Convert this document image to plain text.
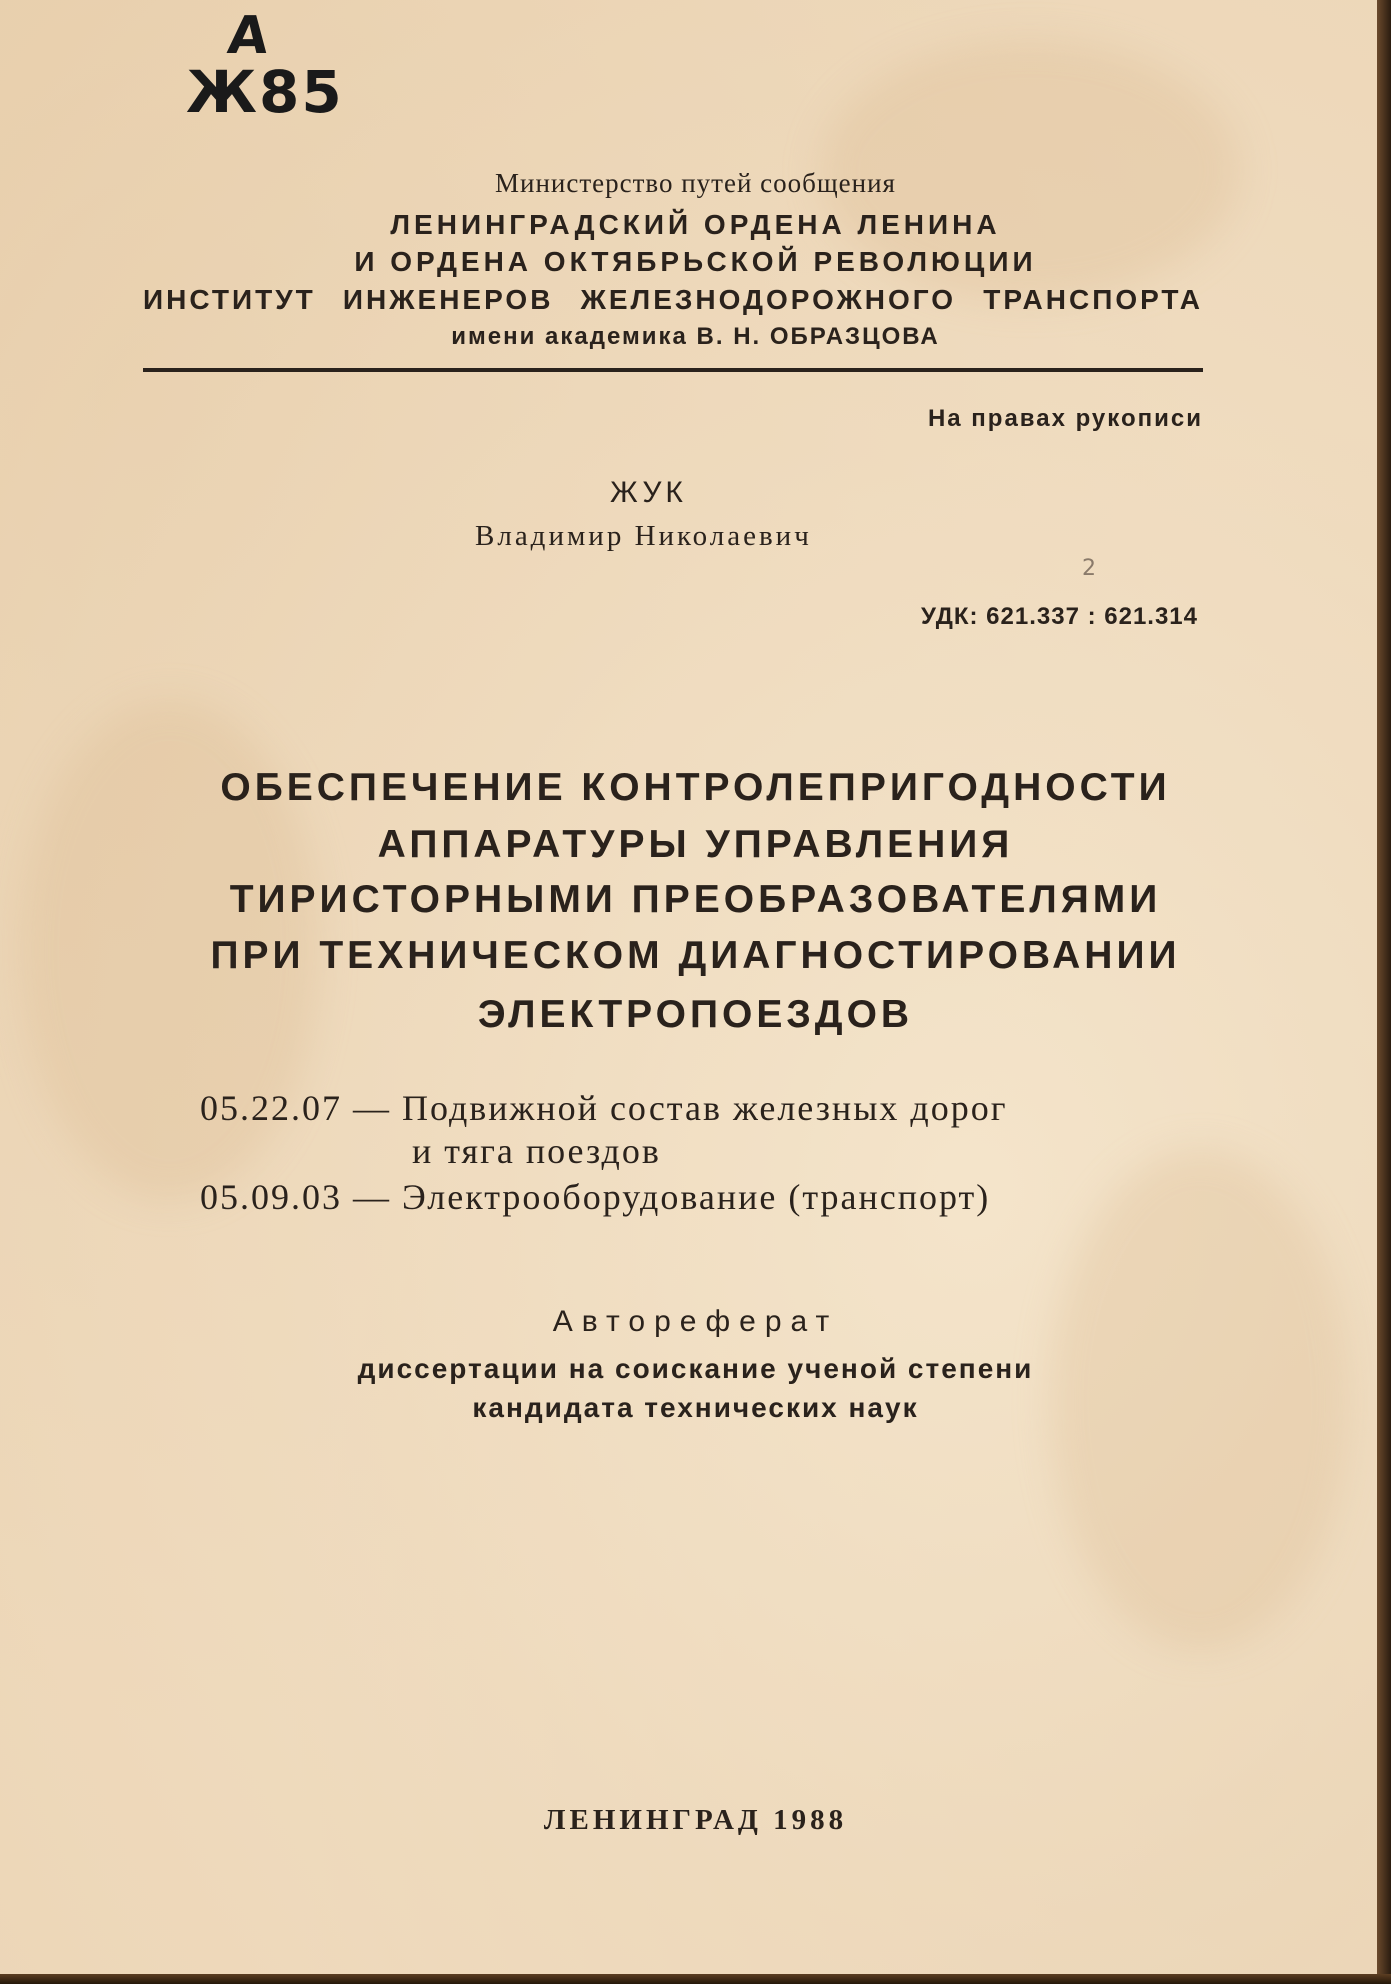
А
Ж85
Министерство путей сообщения
ЛЕНИНГРАДСКИЙ ОРДЕНА ЛЕНИНА
И ОРДЕНА ОКТЯБРЬСКОЙ РЕВОЛЮЦИИ
ИНСТИТУТ ИНЖЕНЕРОВ ЖЕЛЕЗНОДОРОЖНОГО ТРАНСПОРТА
имени академика В. Н. ОБРАЗЦОВА
На правах рукописи
ЖУК
Владимир Николаевич
2
УДК: 621.337 : 621.314
ОБЕСПЕЧЕНИЕ КОНТРОЛЕПРИГОДНОСТИ
АППАРАТУРЫ УПРАВЛЕНИЯ
ТИРИСТОРНЫМИ ПРЕОБРАЗОВАТЕЛЯМИ
ПРИ ТЕХНИЧЕСКОМ ДИАГНОСТИРОВАНИИ
ЭЛЕКТРОПОЕЗДОВ
05.22.07 — Подвижной состав железных дорог
и тяга поездов
05.09.03 — Электрооборудование (транспорт)
Автореферат
диссертации на соискание ученой степени
кандидата технических наук
ЛЕНИНГРАД 1988
